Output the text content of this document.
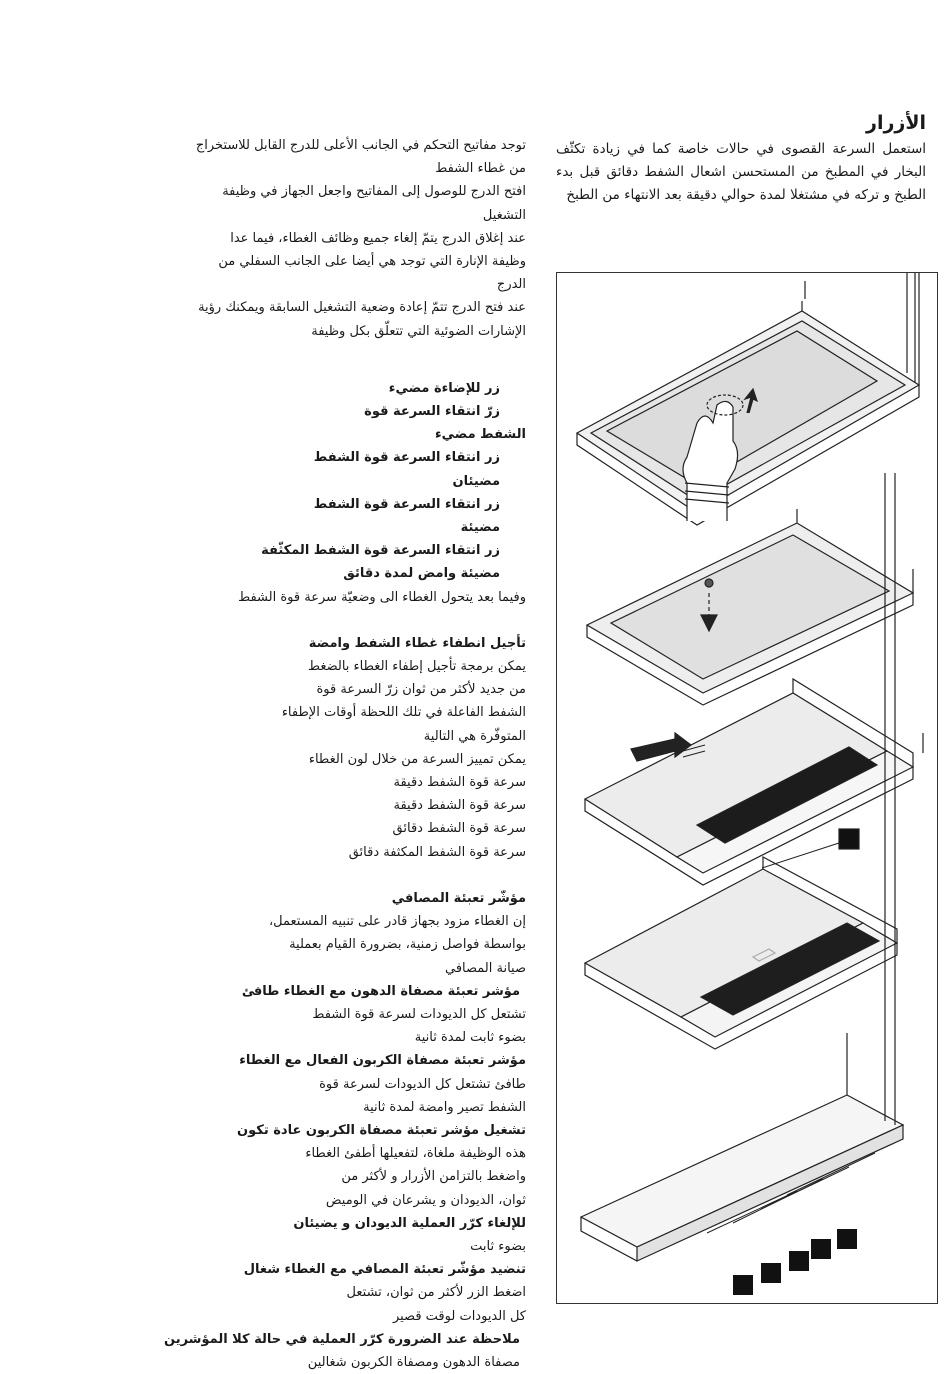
الأزرار

استعمل السرعة القصوى في حالات خاصة كما في زيادة تكثّف البخار في المطبخ من المستحسن اشعال الشفط دقائق قبل بدء الطبخ و تركه في مشتغلا لمدة حوالي دقيقة بعد الانتهاء من الطبخ

توجد مفاتيح التحكم في الجانب الأعلى للدرج القابل للاستخراج

من غطاء الشفط

افتح الدرج للوصول إلى المفاتيح واجعل الجهاز في وظيفة

التشغيل

عند إغلاق الدرج يتمّ إلغاء جميع وظائف الغطاء، فيما عدا

وظيفة الإنارة التي توجد هي أيضا على الجانب السفلي من

الدرج

عند فتح الدرج تتمّ إعادة وضعية التشغيل السابقة ويمكنك رؤية

الإشارات الضوئية التي تتعلّق بكل وظيفة

زر للإضاءة مضيء

زرّ انتقاء السرعة قوة

الشفط مضيء

زر انتقاء السرعة قوة الشفط

مضيئان

زر انتقاء السرعة قوة الشفط

مضيئة

زر انتقاء السرعة قوة الشفط المكثّفة

مضيئة وامض لمدة دقائق

وفيما بعد يتحول الغطاء الى وضعيّة سرعة قوة الشفط

تأجيل انطفاء غطاء الشفط وامضة

يمكن برمجة تأجيل إطفاء الغطاء بالضغط

من جديد لأكثر من ثوان زرّ السرعة قوة

الشفط الفاعلة في تلك اللحظة أوقات الإطفاء

المتوفّرة هي التالية

يمكن تمييز السرعة من خلال لون الغطاء

سرعة قوة الشفط دقيقة

سرعة قوة الشفط دقيقة

سرعة قوة الشفط دقائق

سرعة قوة الشفط المكثفة دقائق

مؤشّر تعبئة المصافي

إن الغطاء مزود بجهاز قادر على تنبيه المستعمل،

بواسطة فواصل زمنية، بضرورة القيام بعملية

صيانة المصافي

مؤشر تعبئة مصفاة الدهون مع الغطاء طافئ

تشتعل كل الديودات لسرعة قوة الشفط

بضوء ثابت لمدة ثانية

مؤشر تعبئة مصفاة الكربون الفعال مع الغطاء

طافئ تشتعل كل الديودات لسرعة قوة

الشفط تصير وامضة لمدة ثانية

تشغيل مؤشر تعبئة مصفاة الكربون عادة تكون

هذه الوظيفة ملغاة، لتفعيلها أطفئ الغطاء

واضغط بالتزامن الأزرار و لأكثر من

ثوان، الديودان و يشرعان في الوميض

للإلغاء كرّر العملية الديودان و يضيئان

بضوء ثابت

تنضيد مؤشّر تعبئة المصافي مع الغطاء شغال

اضغط الزر لأكثر من ثوان، تشتعل

كل الديودات لوقت قصير

ملاحظة عند الضرورة كرّر العملية في حالة كلا المؤشرين

مصفاة الدهون ومصفاة الكربون شغالين
